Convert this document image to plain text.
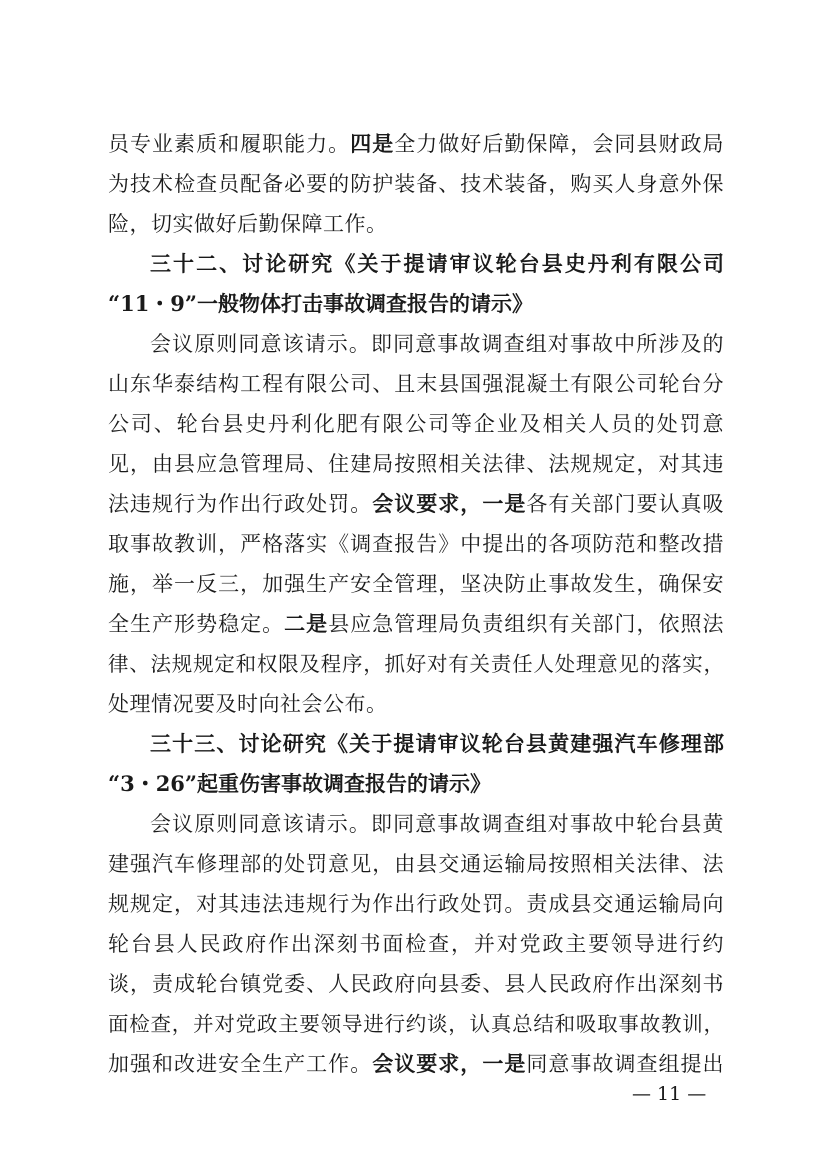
员专业素质和履职能力。四是全力做好后勤保障，会同县财政局
为技术检查员配备必要的防护装备、技术装备，购买人身意外保
险，切实做好后勤保障工作。
三十二、讨论研究《关于提请审议轮台县史丹利有限公司
“11・9”一般物体打击事故调查报告的请示》
会议原则同意该请示。即同意事故调查组对事故中所涉及的
山东华泰结构工程有限公司、且末县国强混凝土有限公司轮台分
公司、轮台县史丹利化肥有限公司等企业及相关人员的处罚意
见，由县应急管理局、住建局按照相关法律、法规规定，对其违
法违规行为作出行政处罚。会议要求，一是各有关部门要认真吸
取事故教训，严格落实《调查报告》中提出的各项防范和整改措
施，举一反三，加强生产安全管理，坚决防止事故发生，确保安
全生产形势稳定。二是县应急管理局负责组织有关部门，依照法
律、法规规定和权限及程序，抓好对有关责任人处理意见的落实，
处理情况要及时向社会公布。
三十三、讨论研究《关于提请审议轮台县黄建强汽车修理部
“3・26”起重伤害事故调查报告的请示》
会议原则同意该请示。即同意事故调查组对事故中轮台县黄
建强汽车修理部的处罚意见，由县交通运输局按照相关法律、法
规规定，对其违法违规行为作出行政处罚。责成县交通运输局向
轮台县人民政府作出深刻书面检查，并对党政主要领导进行约
谈，责成轮台镇党委、人民政府向县委、县人民政府作出深刻书
面检查，并对党政主要领导进行约谈，认真总结和吸取事故教训，
加强和改进安全生产工作。会议要求，一是同意事故调查组提出
— 11 —
